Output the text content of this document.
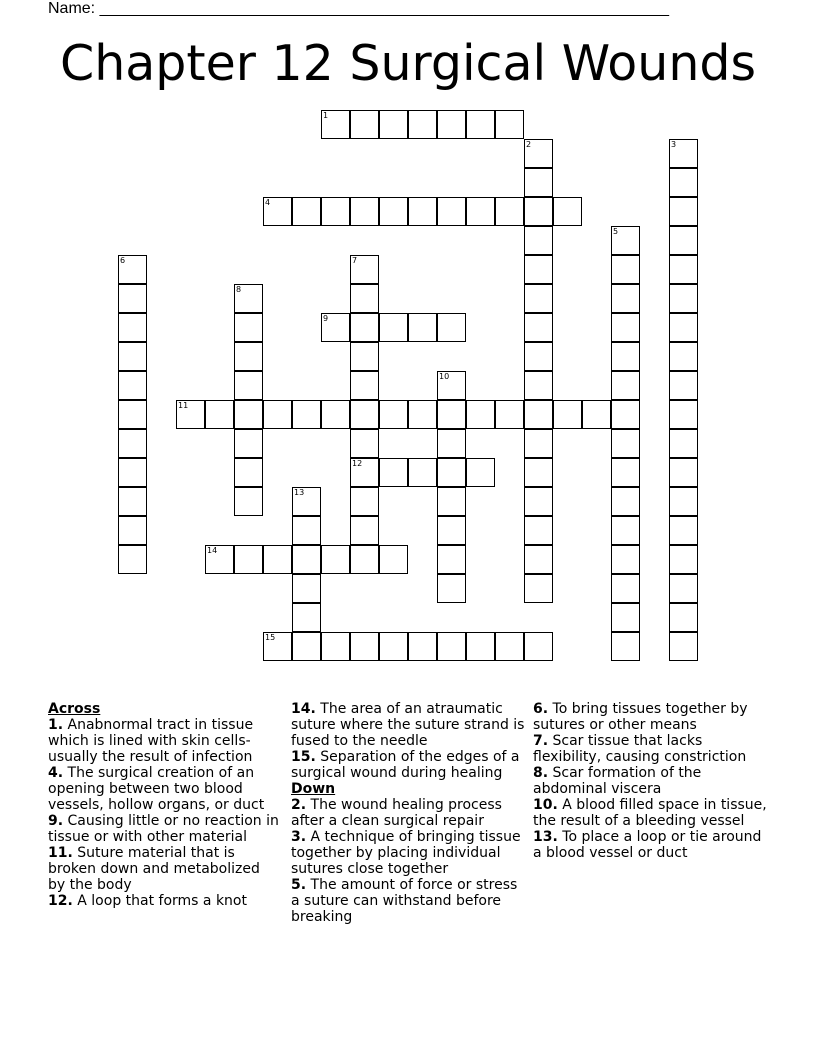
Name: ________________________________________________________________
Chapter 12 Surgical Wounds
1
2	3
4
5
6	7
12
8
9
10
11
13
14
15
Across
1. Anabnormal tract in tissue which is lined with skin cells-usually the result of infection
4. The surgical creation of an opening between two blood vessels, hollow organs, or duct
9. Causing little or no reaction in tissue or with other material
11. Suture material that is broken down and metabolized by the body
12. A loop that forms a knot
14. The area of an atraumatic suture where the suture strand is fused to the needle
15. Separation of the edges of a surgical wound during healing
Down
2. The wound healing process after a clean surgical repair
3. A technique of bringing tissue together by placing individual sutures close together
5. The amount of force or stress a suture can withstand before breaking
6. To bring tissues together by sutures or other means
7. Scar tissue that lacks flexibility, causing constriction
8. Scar formation of the abdominal viscera
10. A blood filled space in tissue, the result of a bleeding vessel
13. To place a loop or tie around a blood vessel or duct
